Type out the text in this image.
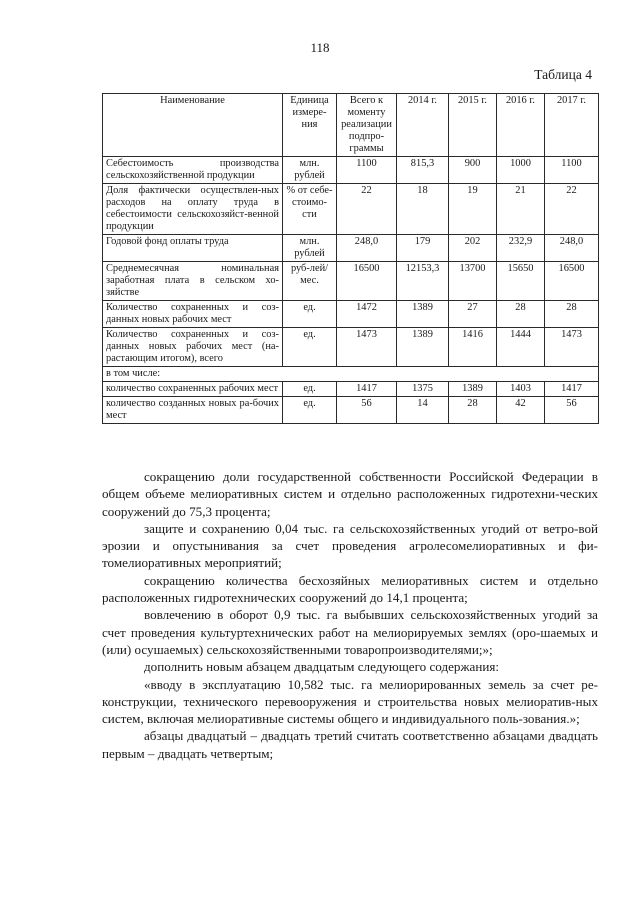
118
Таблица 4
Наименование	Единица измере-ния	Всего к моменту реализации подпро-граммы	2014 г.	2015 г.	2016 г.	2017 г.
Себестоимость производства сельскохозяйственной продукции	млн. рублей	1100	815,3	900	1000	1100
Доля фактически осуществлен-ных расходов на оплату труда в себестоимости сельскохозяйст-венной продукции	% от себе-стоимо-сти	22	18	19	21	22
Годовой фонд оплаты труда	млн. рублей	248,0	179	202	232,9	248,0
Среднемесячная номинальная заработная плата в сельском хо-зяйстве	руб-лей/мес.	16500	12153,3	13700	15650	16500
Количество сохраненных и соз-данных новых рабочих мест	ед.	1472	1389	27	28	28
Количество сохраненных и соз-данных новых рабочих мест (на-растающим итогом), всего	ед.	1473	1389	1416	1444	1473
в том числе:						
количество сохраненных рабочих мест	ед.	1417	1375	1389	1403	1417
количество созданных новых ра-бочих мест	ед.	56	14	28	42	56

сокращению доли государственной собственности Российской Федерации в общем объеме мелиоративных систем и отдельно расположенных гидротехни-ческих сооружений до 75,3 процента;

защите и сохранению 0,04 тыс. га сельскохозяйственных угодий от ветро-вой эрозии и опустынивания за счет проведения агролесомелиоративных и фи-томелиоративных мероприятий;

сокращению количества бесхозяйных мелиоративных систем и отдельно расположенных гидротехнических сооружений до 14,1 процента;

вовлечению в оборот 0,9 тыс. га выбывших сельскохозяйственных угодий за счет проведения культуртехнических работ на мелиорируемых землях (оро-шаемых и (или) осушаемых) сельскохозяйственными товаропроизводителями;»;

дополнить новым абзацем двадцатым следующего содержания:

«вводу в эксплуатацию 10,582 тыс. га мелиорированных земель за счет ре-конструкции, технического перевооружения и строительства новых мелиоратив-ных систем, включая мелиоративные системы общего и индивидуального поль-зования.»;

абзацы двадцатый – двадцать третий считать соответственно абзацами двадцать первым – двадцать четвертым;
